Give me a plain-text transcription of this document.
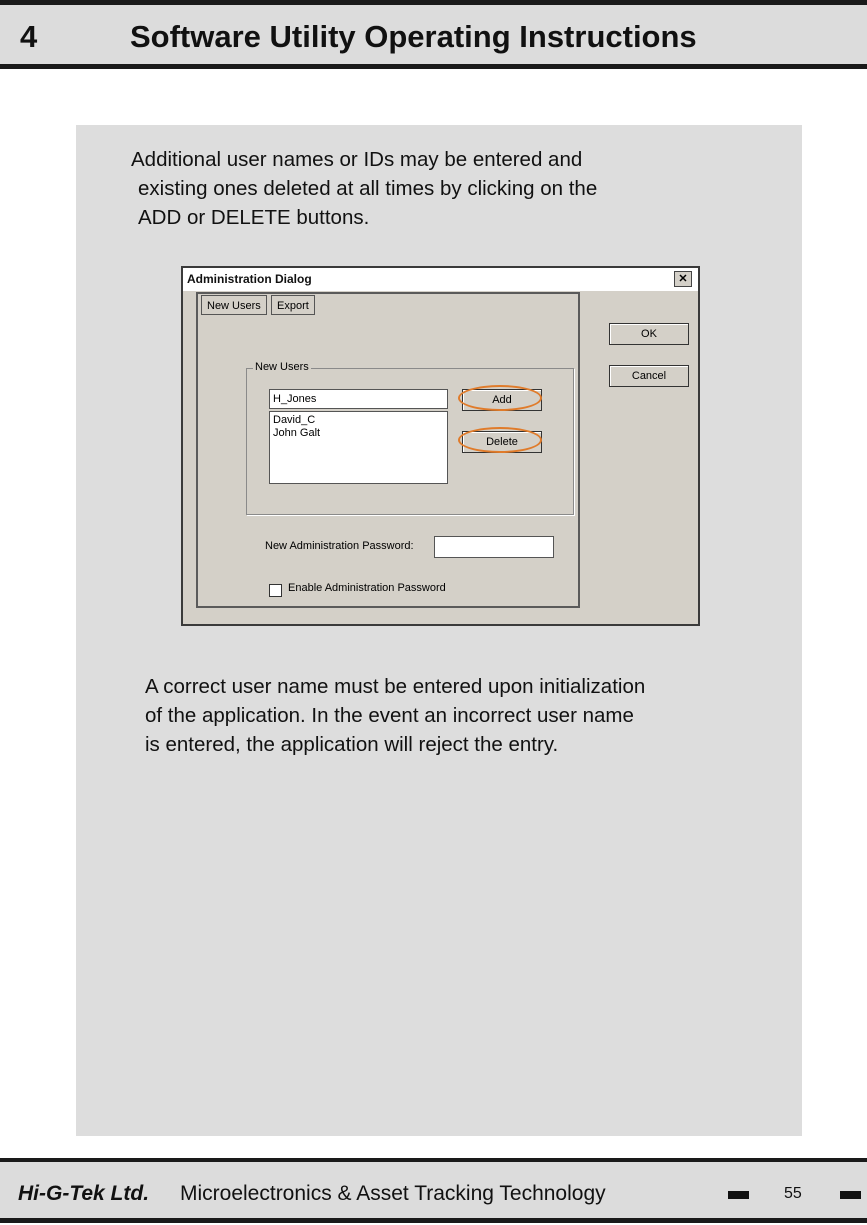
4	Software Utility Operating Instructions
Additional user names or IDs may be entered and
existing ones deleted at all times by clicking on the
ADD or DELETE buttons.
A correct user name must be entered upon initialization
of the application. In the event an incorrect user name
is entered, the application will reject the entry.
Administration Dialog	✕
New Users	Export
New Users
H_Jones
David_C
John Galt
Add
Delete
OK
Cancel
New Administration Password:
Enable Administration Password
Hi-G-Tek Ltd. Microelectronics & Asset Tracking Technology	55
